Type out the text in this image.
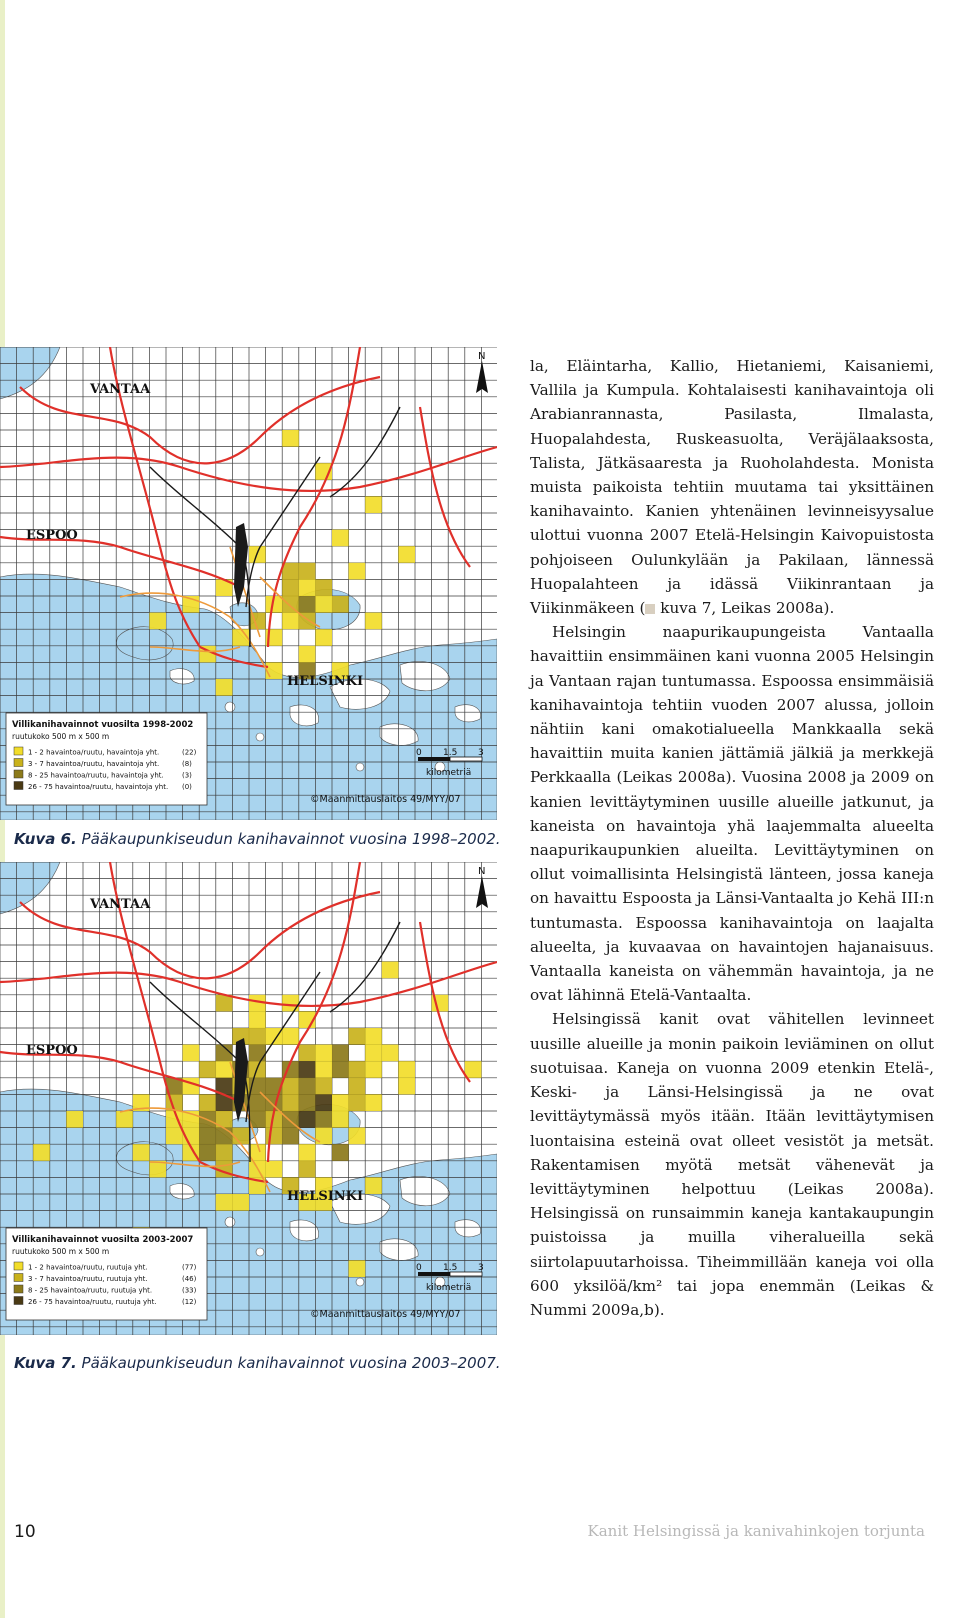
VANTAA
ESPOO
HELSINKI
N
Villikanihavainnot vuosilta 1998-2002
ruutukoko 500 m x 500 m
1 - 2 havaintoa/ruutu, havaintoja yht.	(22)
3 - 7 havaintoa/ruutu, havaintoja yht.	(8)
8 - 25 havaintoa/ruutu, havaintoja yht.	(3)
26 - 75 havaintoa/ruutu, havaintoja yht. (0)
0 1.5 3
kilometriä
©Maanmittauslaitos 49/MYY/07
Kuva 6. Pääkaupunkiseudun kanihavainnot vuosina 1998–2002.
VANTAA
ESPOO
HELSINKI
N
Villikanihavainnot vuosilta 2003-2007
ruutukoko 500 m x 500 m
1 - 2 havaintoa/ruutu, ruutuja yht.	(77)
3 - 7 havaintoa/ruutu, ruutuja yht.	(46)
8 - 25 havaintoa/ruutu, ruutuja yht.	(33)
26 - 75 havaintoa/ruutu, ruutuja yht.	(12)
0 1.5 3
kilometriä
©Maanmittauslaitos 49/MYY/07
Kuva 7. Pääkaupunkiseudun kanihavainnot vuosina 2003–2007.

la, Eläintarha, Kallio, Hietaniemi, Kaisaniemi, Vallila ja Kumpula. Kohtalaisesti kanihavaintoja oli Arabianrannasta, Pasilasta, Ilmalasta, Huopalahdesta, Ruskeasuolta, Veräjälaaksosta, Talista, Jätkäsaaresta ja Ruoholahdesta. Monista muista paikoista tehtiin muutama tai yksittäinen kanihavainto. Kanien yhtenäinen levinneisyysalue ulottui vuonna 2007 Etelä-Helsingin Kaivopuistosta pohjoiseen Oulunkylään ja Pakilaan, lännessä Huopalahteen ja idässä Viikinrantaan ja Viikinmäkeen ( kuva 7, Leikas 2008a).

Helsingin naapurikaupungeista Vantaalla havaittiin ensimmäinen kani vuonna 2005 Helsingin ja Vantaan rajan tuntumassa. Espoossa ensimmäisiä kanihavaintoja tehtiin vuoden 2007 alussa, jolloin nähtiin kani omakotialueella Mankkaalla sekä havaittiin muita kanien jättämiä jälkiä ja merkkejä Perkkaalla (Leikas 2008a). Vuosina 2008 ja 2009 on kanien levittäytyminen uusille alueille jatkunut, ja kaneista on havaintoja yhä laajemmalta alueelta naapurikaupunkien alueilta. Levittäytyminen on ollut voimallisinta Helsingistä länteen, jossa kaneja on havaittu Espoosta ja Länsi-Vantaalta jo Kehä III:n tuntumasta. Espoossa kanihavaintoja on laajalta alueelta, ja kuvaavaa on havaintojen hajanaisuus. Vantaalla kaneista on vähemmän havaintoja, ja ne ovat lähinnä Etelä-Vantaalta.

Helsingissä kanit ovat vähitellen levinneet uusille alueille ja monin paikoin leviäminen on ollut suotuisaa. Kaneja on vuonna 2009 etenkin Etelä-, Keski- ja Länsi-Helsingissä ja ne ovat levittäytymässä myös itään. Itään levittäytymisen luontaisina esteinä ovat olleet vesistöt ja metsät. Rakentamisen myötä metsät vähenevät ja levittäytyminen helpottuu (Leikas 2008a). Helsingissä on runsaimmin kaneja kantakaupungin puistoissa ja muilla viheralueilla sekä siirtolapuutarhoissa. Tiheimmillään kaneja voi olla 600 yksilöä/km² tai jopa enemmän (Leikas & Nummi 2009a,b).

10	Kanit Helsingissä ja kanivahinkojen torjunta
